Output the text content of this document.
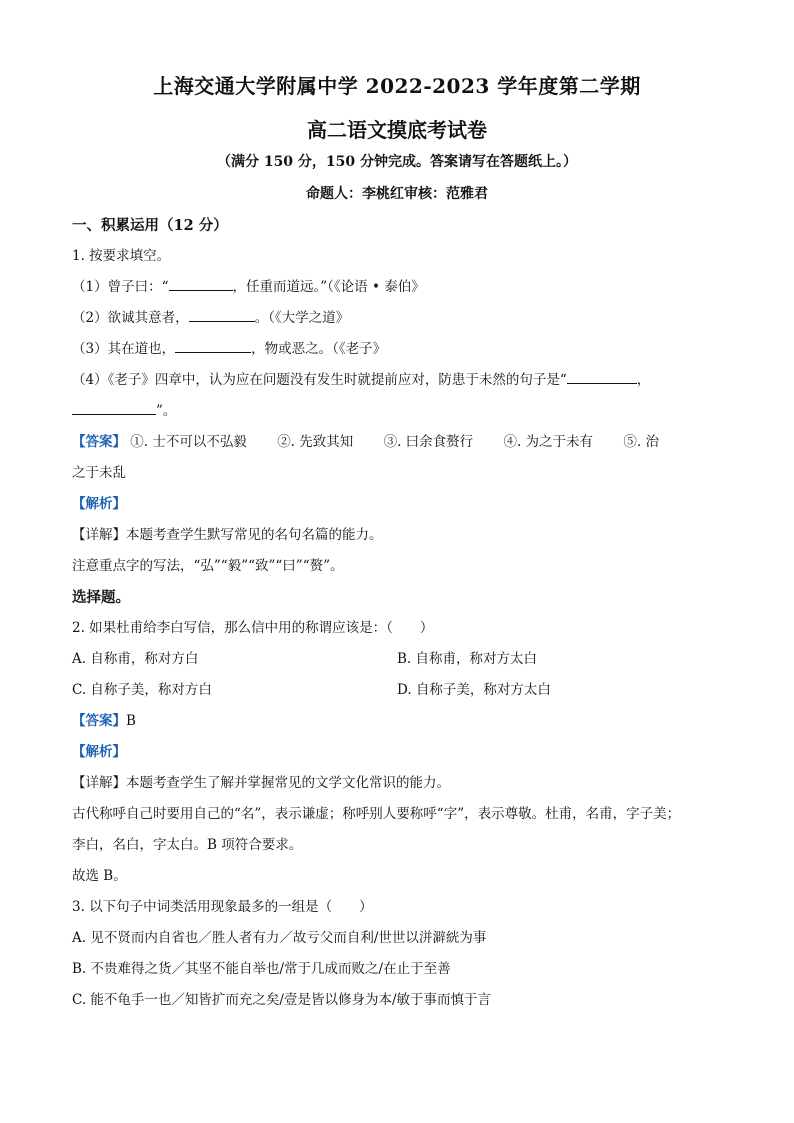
上海交通大学附属中学 2022-2023 学年度第二学期
高二语文摸底考试卷
（满分 150 分，150 分钟完成。答案请写在答题纸上。）
命题人：李桃红审核：范雅君
一、积累运用（12 分）
1. 按要求填空。
（1）曾子曰：“	，任重而道远。”（《论语 • 泰伯》
（2）欲诚其意者，	。（《大学之道》
（3）其在道也，	，物或恶之。（《老子》
（4）《老子》四章中，认为应在问题没有发生时就提前应对，防患于未然的句子是“	，
”。
【答案】 ①. 士不可以不弘毅 ②. 先致其知 ③. 曰余食赘行 ④. 为之于未有 ⑤. 治
之于未乱
【解析】
【详解】本题考查学生默写常见的名句名篇的能力。
注意重点字的写法，“弘”“毅”“致”“曰”“赘”。
选择题。
2. 如果杜甫给李白写信，那么信中用的称谓应该是：（　　）
A. 自称甫，称对方白	B. 自称甫，称对方太白
C. 自称子美，称对方白	D. 自称子美，称对方太白
【答案】B
【解析】
【详解】本题考查学生了解并掌握常见的文学文化常识的能力。
古代称呼自己时要用自己的“名”，表示谦虚；称呼别人要称呼“字”，表示尊敬。杜甫，名甫，字子美；
李白，名白，字太白。B 项符合要求。
故选 B。
3. 以下句子中词类活用现象最多的一组是（　　）
A. 见不贤而内自省也／胜人者有力／故亏父而自利/世世以洴澼絖为事
B. 不贵难得之货／其坚不能自举也/常于几成而败之/在止于至善
C. 能不龟手一也／知皆扩而充之矣/壹是皆以修身为本/敏于事而慎于言
